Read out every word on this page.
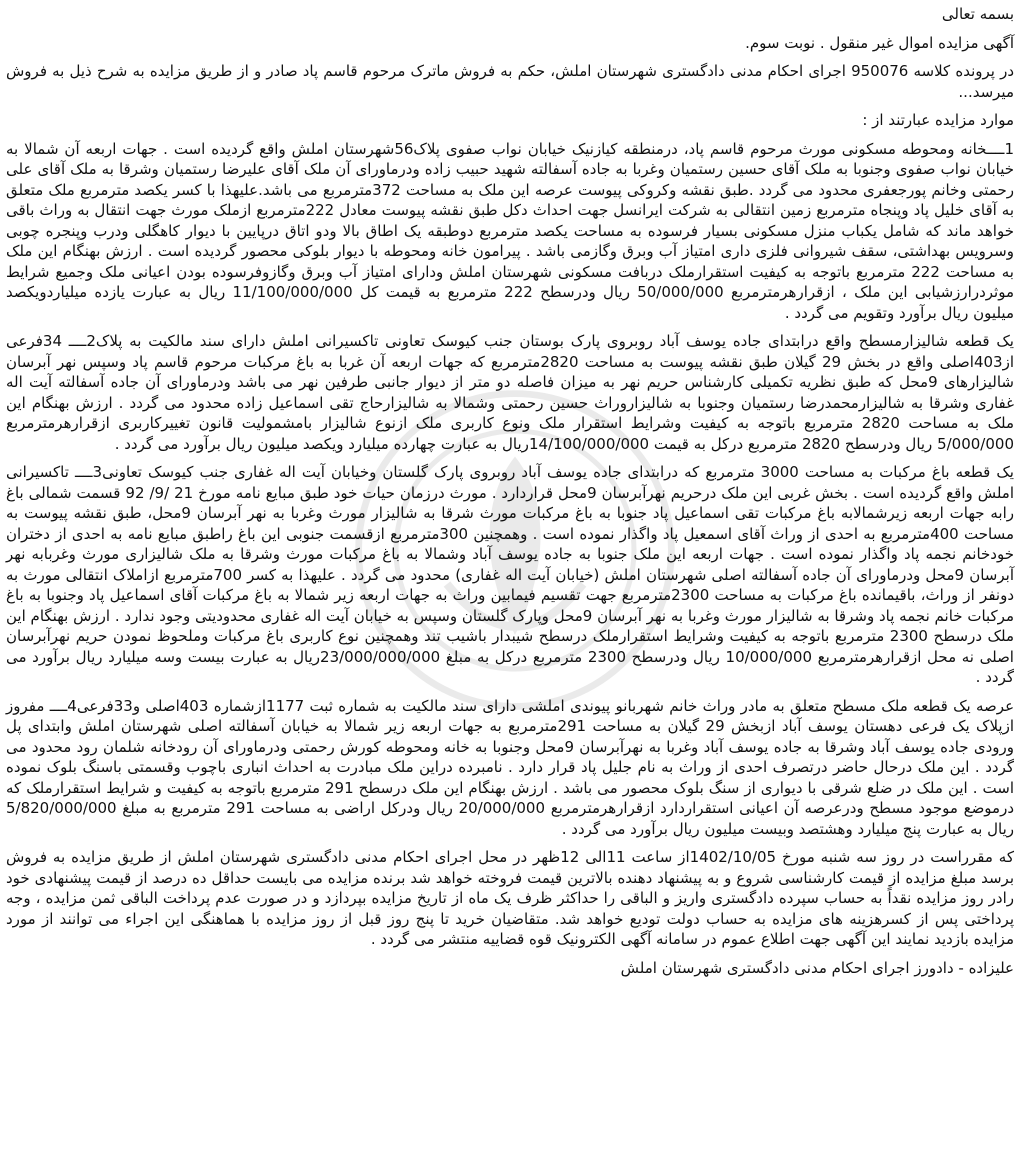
بسمه تعالی

آگهی مزایده اموال غیر منقول . نوبت سوم.

در پرونده کلاسه 950076 اجرای احکام مدنی دادگستری شهرستان املش، حکم به فروش ماترک مرحوم قاسم پاد صادر و از طریق مزایده به شرح ذیل به فروش میرسد...

موارد مزایده عبارتند از :

1ــــخانه ومحوطه مسکونی مورث مرحوم قاسم پاد، درمنطقه کیازنیک خیابان نواب صفوی پلاک56شهرستان املش واقع گردیده است . جهات اربعه آن شمالا به خیابان نواب صفوی وجنوبا به ملک آقای حسین رستمیان وغربا به جاده آسفالته شهید حبیب زاده ودرماورای آن ملک آقای علیرضا رستمیان وشرقا به ملک آقای علی رحمتی وخانم پورجعفری محدود می گردد .طبق نقشه وکروکی پیوست عرصه این ملک به مساحت 372مترمربع می باشد.علیهذا با کسر یکصد مترمربع ملک متعلق به آقای خلیل پاد وپنجاه مترمربع زمین انتقالی به شرکت ایرانسل جهت احداث دکل طبق نقشه پیوست معادل 222مترمربع ازملک مورث جهت انتقال به وراث باقی خواهد ماند که شامل یکباب منزل مسکونی بسیار فرسوده به مساحت یکصد مترمربع دوطبقه یک اطاق بالا ودو اتاق درپایین با دیوار کاهگلی ودرب وپنجره چوبی وسرویس بهداشتی، سقف شیروانی فلزی داری امتیاز آب وبرق وگازمی باشد . پیرامون خانه ومحوطه با دیوار بلوکی محصور گردیده است . ارزش بهنگام این ملک به مساحت 222 مترمربع باتوجه به کیفیت استقرارملک دربافت مسکونی شهرستان املش ودارای امتیاز آب وبرق وگازوفرسوده بودن اعیانی ملک وجمیع شرایط موثردرارزشیابی این ملک ، ازقرارهرمترمربع 50/000/000 ریال ودرسطح 222 مترمربع به قیمت کل 11/100/000/000 ریال به عبارت یازده میلیاردویکصد میلیون ریال برآورد وتقویم می گردد .

یک قطعه شالیزارمسطح واقع درابتدای جاده یوسف آباد روبروی پارک بوستان جنب کیوسک تعاونی تاکسیرانی املش دارای سند مالکیت به پلاک2ــــ 34فرعی از403اصلی واقع در بخش 29 گیلان طبق نقشه پیوست به مساحت 2820مترمربع که جهات اربعه آن غربا به باغ مرکبات مرحوم قاسم پاد وسپس نهر آبرسان شالیزارهای 9محل که طبق نظریه تکمیلی کارشناس حریم نهر به میزان فاصله دو متر از دیوار جانبی طرفین نهر می باشد ودرماورای آن جاده آسفالته آیت اله غفاری وشرقا به شالیزارمحمدرضا رستمیان وجنوبا به شالیزاروراث حسین رحمتی وشمالا به شالیزارحاج تقی اسماعیل زاده محدود می گردد . ارزش بهنگام این ملک به مساحت 2820 مترمربع باتوجه به کیفیت وشرایط استقرار ملک ونوع کاربری ملک ازنوع شالیزار بامشمولیت قانون تغییرکاربری ازقرارهرمترمربع 5/000/000 ریال ودرسطح 2820 مترمربع درکل به قیمت 14/100/000/000ریال به عبارت چهارده میلیارد ویکصد میلیون ریال برآورد می گردد .

یک قطعه باغ مرکبات به مساحت 3000 مترمربع که درابتدای جاده یوسف آباد روبروی پارک گلستان وخیابان آیت اله غفاری جنب کیوسک تعاونی3ــــ تاکسیرانی املش واقع گردیده است . بخش غربی این ملک درحریم نهرآبرسان 9محل قراردارد . مورث درزمان حیات خود طبق مبایع نامه مورخ 21 /9/ 92 قسمت شمالی باغ رابه جهات اربعه زیرشمالابه باغ مرکبات تقی اسماعیل پاد جنوبا به باغ مرکبات مورث شرقا به شالیزار مورث وغربا به نهر آبرسان 9محل، طبق نقشه پیوست به مساحت 400مترمربع به احدی از وراث آقای اسمعیل پاد واگذار نموده است . وهمچنین 300مترمربع ازقسمت جنوبی این باغ راطبق مبایع نامه به احدی از دختران خودخانم نجمه پاد واگذار نموده است . جهات اربعه این ملک جنوبا به جاده یوسف آباد وشمالا به باغ مرکبات مورث وشرقا به ملک شالیزاری مورث وغربابه نهر آبرسان 9محل ودرماورای آن جاده آسفالته اصلی شهرستان املش (خیابان آیت اله غفاری) محدود می گردد . علیهذا به کسر 700مترمربع ازاملاک انتقالی مورث به دونفر از وراث، باقیمانده باغ مرکبات به مساحت 2300مترمربع جهت تقسیم فیمابین وراث به جهات اربعه زیر شمالا به باغ مرکبات آقای اسماعیل پاد وجنوبا به باغ مرکبات خانم نجمه پاد وشرقا به شالیزار مورث وغربا به نهر آبرسان 9محل وپارک گلستان وسپس به خیابان آیت اله غفاری محدودیتی وجود ندارد . ارزش بهنگام این ملک درسطح 2300 مترمربع باتوجه به کیفیت وشرایط استقرارملک درسطح شیبدار باشیب تند وهمچنین نوع کاربری باغ مرکبات وملحوظ نمودن حریم نهرآبرسان اصلی نه محل ازقرارهرمترمربع 10/000/000 ریال ودرسطح 2300 مترمربع درکل به مبلغ 23/000/000/000ریال به عبارت بیست وسه میلیارد ریال برآورد می گردد .

عرصه یک قطعه ملک مسطح متعلق به مادر وراث خانم شهربانو پیوندی املشی دارای سند مالکیت به شماره ثبت 1177ازشماره 403اصلی و33فرعی4ــــ مفروز ازپلاک یک فرعی دهستان یوسف آباد ازبخش 29 گیلان به مساحت 291مترمربع به جهات اربعه زیر شمالا به خیابان آسفالته اصلی شهرستان املش وابتدای پل ورودی جاده یوسف آباد وشرقا به جاده یوسف آباد وغربا به نهرآبرسان 9محل وجنوبا به خانه ومحوطه کورش رحمتی ودرماورای آن رودخانه شلمان رود محدود می گردد . این ملک درحال حاضر درتصرف احدی از وراث به نام جلیل پاد قرار دارد . نامبرده دراین ملک مبادرت به احداث انباری باچوب وقسمتی باسنگ بلوک نموده است . این ملک در ضلع شرقی با دیواری از سنگ بلوک محصور می باشد . ارزش بهنگام این ملک درسطح 291 مترمربع باتوجه به کیفیت و شرایط استقرارملک که درموضع موجود مسطح ودرعرصه آن اعیانی استقراردارد ازقرارهرمترمربع 20/000/000 ریال ودرکل اراضی به مساحت 291 مترمربع به مبلغ 5/820/000/000 ریال به عبارت پنج میلیارد وهشتصد وبیست میلیون ریال برآورد می گردد .

که مقرراست در روز سه شنبه مورخ 1402/10/05از ساعت 11الی 12ظهر در محل اجرای احکام مدنی دادگستری شهرستان املش از طریق مزایده به فروش برسد مبلغ مزایده از قیمت کارشناسی شروع و به پیشنهاد دهنده بالاترین قیمت فروخته خواهد شد برنده مزایده می بایست حداقل ده درصد از قیمت پیشنهادی خود رادر روز مزایده نقداً به حساب سپرده دادگستری واریز و الباقی را حداکثر ظرف یک ماه از تاریخ مزایده بپردازد و در صورت عدم پرداخت الباقی ثمن مزایده ، وجه پرداختی پس از کسرهزینه های مزایده به حساب دولت تودیع خواهد شد. متقاضیان خرید تا پنج روز قبل از روز مزایده با هماهنگی این اجراء می توانند از مورد مزایده بازدید نمایند این آگهی جهت اطلاع عموم در سامانه آگهی الکترونیک قوه قضاییه منتشر می گردد .

علیزاده - دادورز اجرای احکام مدنی دادگستری شهرستان املش
